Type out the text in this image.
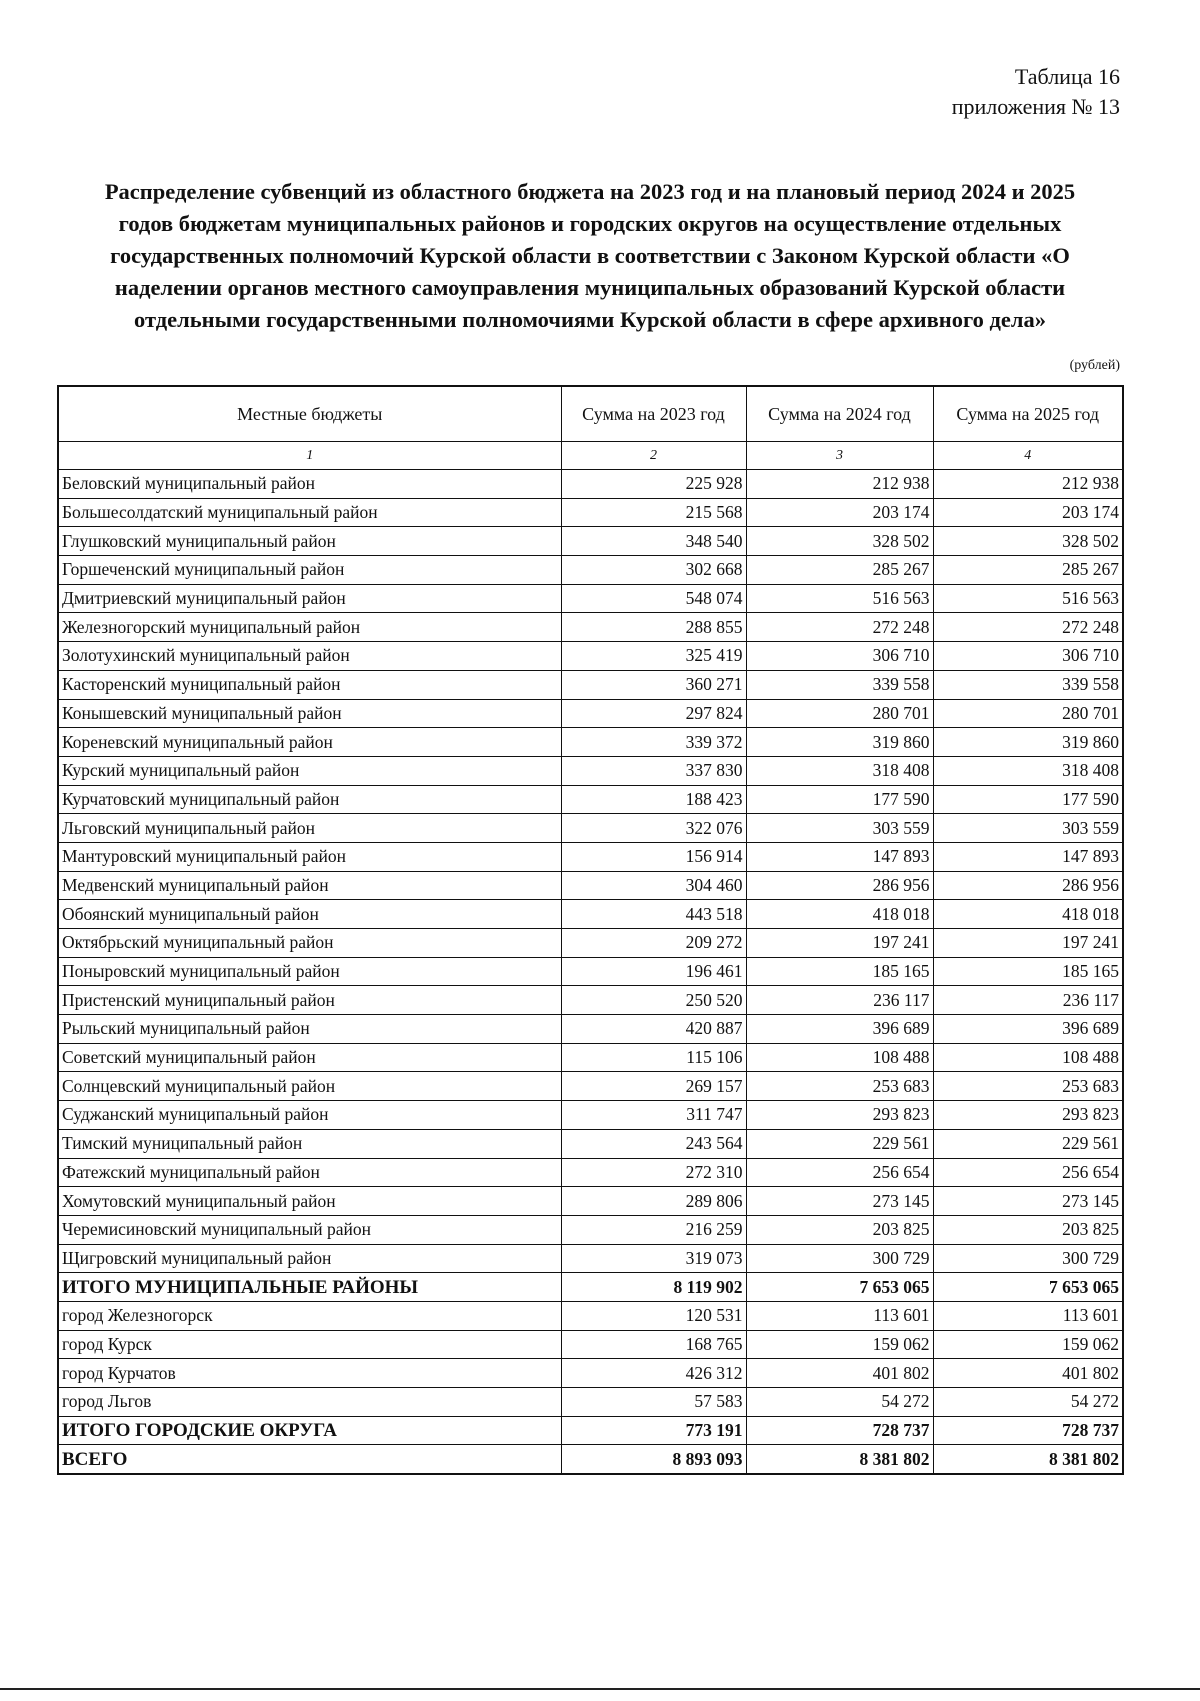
Таблица 16
приложения № 13
Распределение субвенций из областного бюджета на 2023 год и на плановый период 2024 и 2025
годов бюджетам муниципальных районов и городских округов на осуществление отдельных
государственных полномочий Курской области в соответствии с Законом Курской области «О
наделении органов местного самоуправления муниципальных образований Курской области
отдельными государственными полномочиями Курской области в сфере архивного дела»
(рублей)
Местные бюджеты	Сумма на 2023 год	Сумма на 2024 год	Сумма на 2025 год
1	2	3	4
Беловский муниципальный район	225 928	212 938	212 938
Большесолдатский муниципальный район	215 568	203 174	203 174
Глушковский муниципальный район	348 540	328 502	328 502
Горшеченский муниципальный район	302 668	285 267	285 267
Дмитриевский муниципальный район	548 074	516 563	516 563
Железногорский муниципальный район	288 855	272 248	272 248
Золотухинский муниципальный район	325 419	306 710	306 710
Касторенский муниципальный район	360 271	339 558	339 558
Конышевский муниципальный район	297 824	280 701	280 701
Кореневский муниципальный район	339 372	319 860	319 860
Курский муниципальный район	337 830	318 408	318 408
Курчатовский муниципальный район	188 423	177 590	177 590
Льговский муниципальный район	322 076	303 559	303 559
Мантуровский муниципальный район	156 914	147 893	147 893
Медвенский муниципальный район	304 460	286 956	286 956
Обоянский муниципальный район	443 518	418 018	418 018
Октябрьский муниципальный район	209 272	197 241	197 241
Поныровский муниципальный район	196 461	185 165	185 165
Пристенский муниципальный район	250 520	236 117	236 117
Рыльский муниципальный район	420 887	396 689	396 689
Советский муниципальный район	115 106	108 488	108 488
Солнцевский муниципальный район	269 157	253 683	253 683
Суджанский муниципальный район	311 747	293 823	293 823
Тимский муниципальный район	243 564	229 561	229 561
Фатежский муниципальный район	272 310	256 654	256 654
Хомутовский муниципальный район	289 806	273 145	273 145
Черемисиновский муниципальный район	216 259	203 825	203 825
Щигровский муниципальный район	319 073	300 729	300 729
ИТОГО МУНИЦИПАЛЬНЫЕ РАЙОНЫ	8 119 902	7 653 065	7 653 065
город Железногорск	120 531	113 601	113 601
город Курск	168 765	159 062	159 062
город Курчатов	426 312	401 802	401 802
город Льгов	57 583	54 272	54 272
ИТОГО ГОРОДСКИЕ ОКРУГА	773 191	728 737	728 737
ВСЕГО	8 893 093	8 381 802	8 381 802
